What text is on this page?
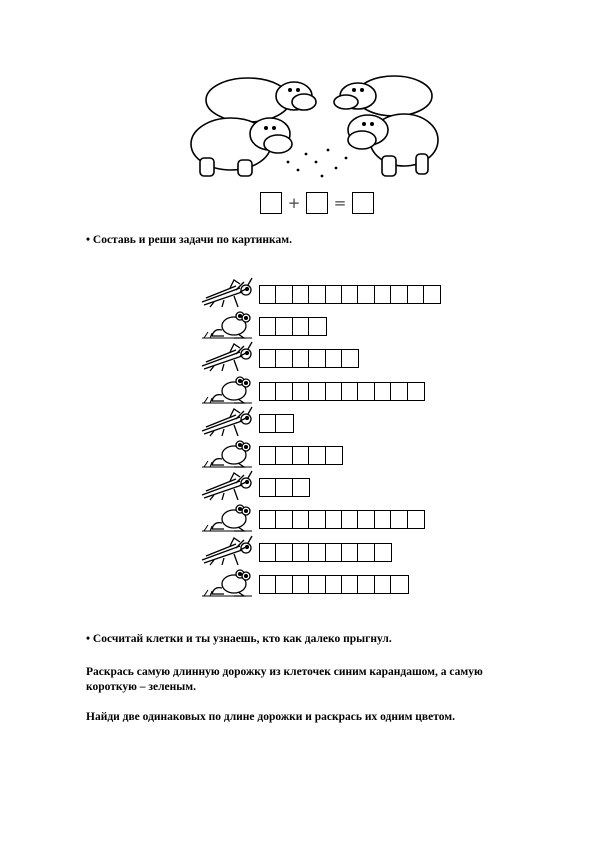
+	=
• Составь и реши задачи по картинкам.
• Сосчитай клетки и ты узнаешь, кто как далеко прыгнул.
Раскрась самую длинную дорожку из клеточек синим карандашом, а самую короткую – зеленым.
Найди две одинаковых по длине дорожки и раскрась их одним цветом.
